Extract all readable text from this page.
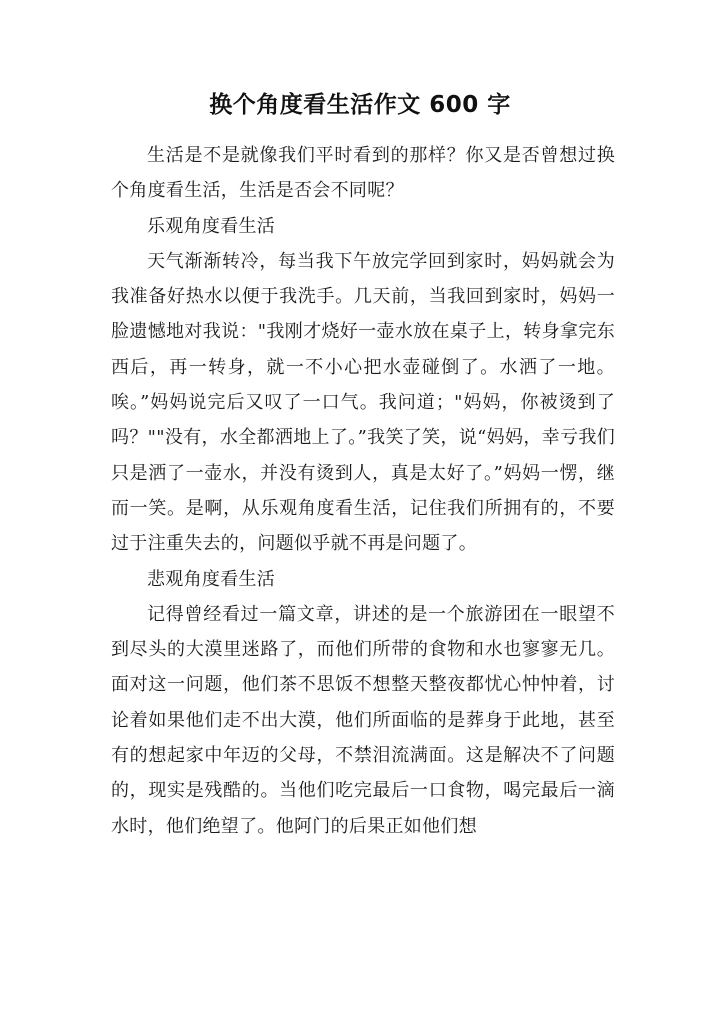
换个角度看生活作文 600 字

生活是不是就像我们平时看到的那样？你又是否曾想过换个角度看生活，生活是否会不同呢？

乐观角度看生活

天气渐渐转冷，每当我下午放完学回到家时，妈妈就会为我准备好热水以便于我洗手。几天前，当我回到家时，妈妈一脸遗憾地对我说："我刚才烧好一壶水放在桌子上，转身拿完东西后，再一转身，就一不小心把水壶碰倒了。水洒了一地。唉。”妈妈说完后又叹了一口气。我问道；"妈妈，你被烫到了吗？""没有，水全都洒地上了。”我笑了笑，说“妈妈，幸亏我们只是洒了一壶水，并没有烫到人，真是太好了。”妈妈一愣，继而一笑。是啊，从乐观角度看生活，记住我们所拥有的，不要过于注重失去的，问题似乎就不再是问题了。

悲观角度看生活

记得曾经看过一篇文章，讲述的是一个旅游团在一眼望不到尽头的大漠里迷路了，而他们所带的食物和水也寥寥无几。面对这一问题，他们茶不思饭不想整天整夜都忧心忡忡着，讨论着如果他们走不出大漠，他们所面临的是葬身于此地，甚至有的想起家中年迈的父母，不禁泪流满面。这是解决不了问题的，现实是残酷的。当他们吃完最后一口食物，喝完最后一滴水时，他们绝望了。他阿门的后果正如他们想
